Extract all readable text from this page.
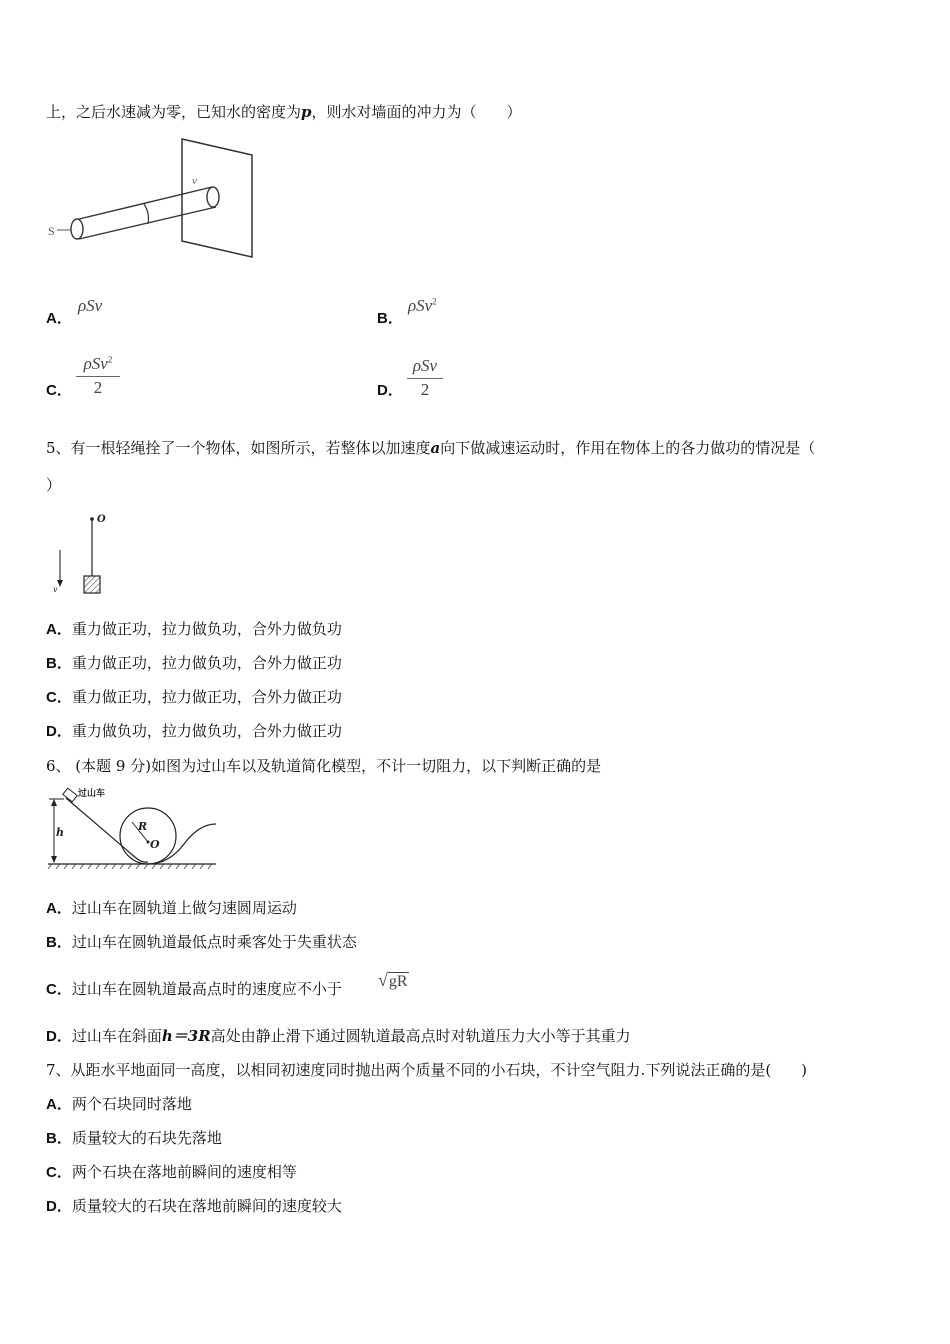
上，之后水速减为零，已知水的密度为p，则水对墙面的冲力为（　　）
S
v
A．
ρSv
B．
ρSv$^2$
C．
ρSv$^2$
2	D．
ρSv
2
5、有一根轻绳拴了一个物体，如图所示，若整体以加速度a向下做减速运动时，作用在物体上的各力做功的情况是（
）
O
v
A．重力做正功，拉力做负功，合外力做负功
B．重力做正功，拉力做负功，合外力做正功
C．重力做正功，拉力做正功，合外力做正功
D．重力做负功，拉力做负功，合外力做正功
6、 (本题 9 分)如图为过山车以及轨道简化模型，不计一切阻力，以下判断正确的是
h
过山车
R
O
A．过山车在圆轨道上做匀速圆周运动
B．过山车在圆轨道最低点时乘客处于失重状态
C．过山车在圆轨道最高点时的速度应不小于 √gR
D．过山车在斜面h＝3R高处由静止滑下通过圆轨道最高点时对轨道压力大小等于其重力
7、从距水平地面同一高度，以相同初速度同时抛出两个质量不同的小石块，不计空气阻力.下列说法正确的是(　　)
A．两个石块同时落地
B．质量较大的石块先落地
C．两个石块在落地前瞬间的速度相等
D．质量较大的石块在落地前瞬间的速度较大
